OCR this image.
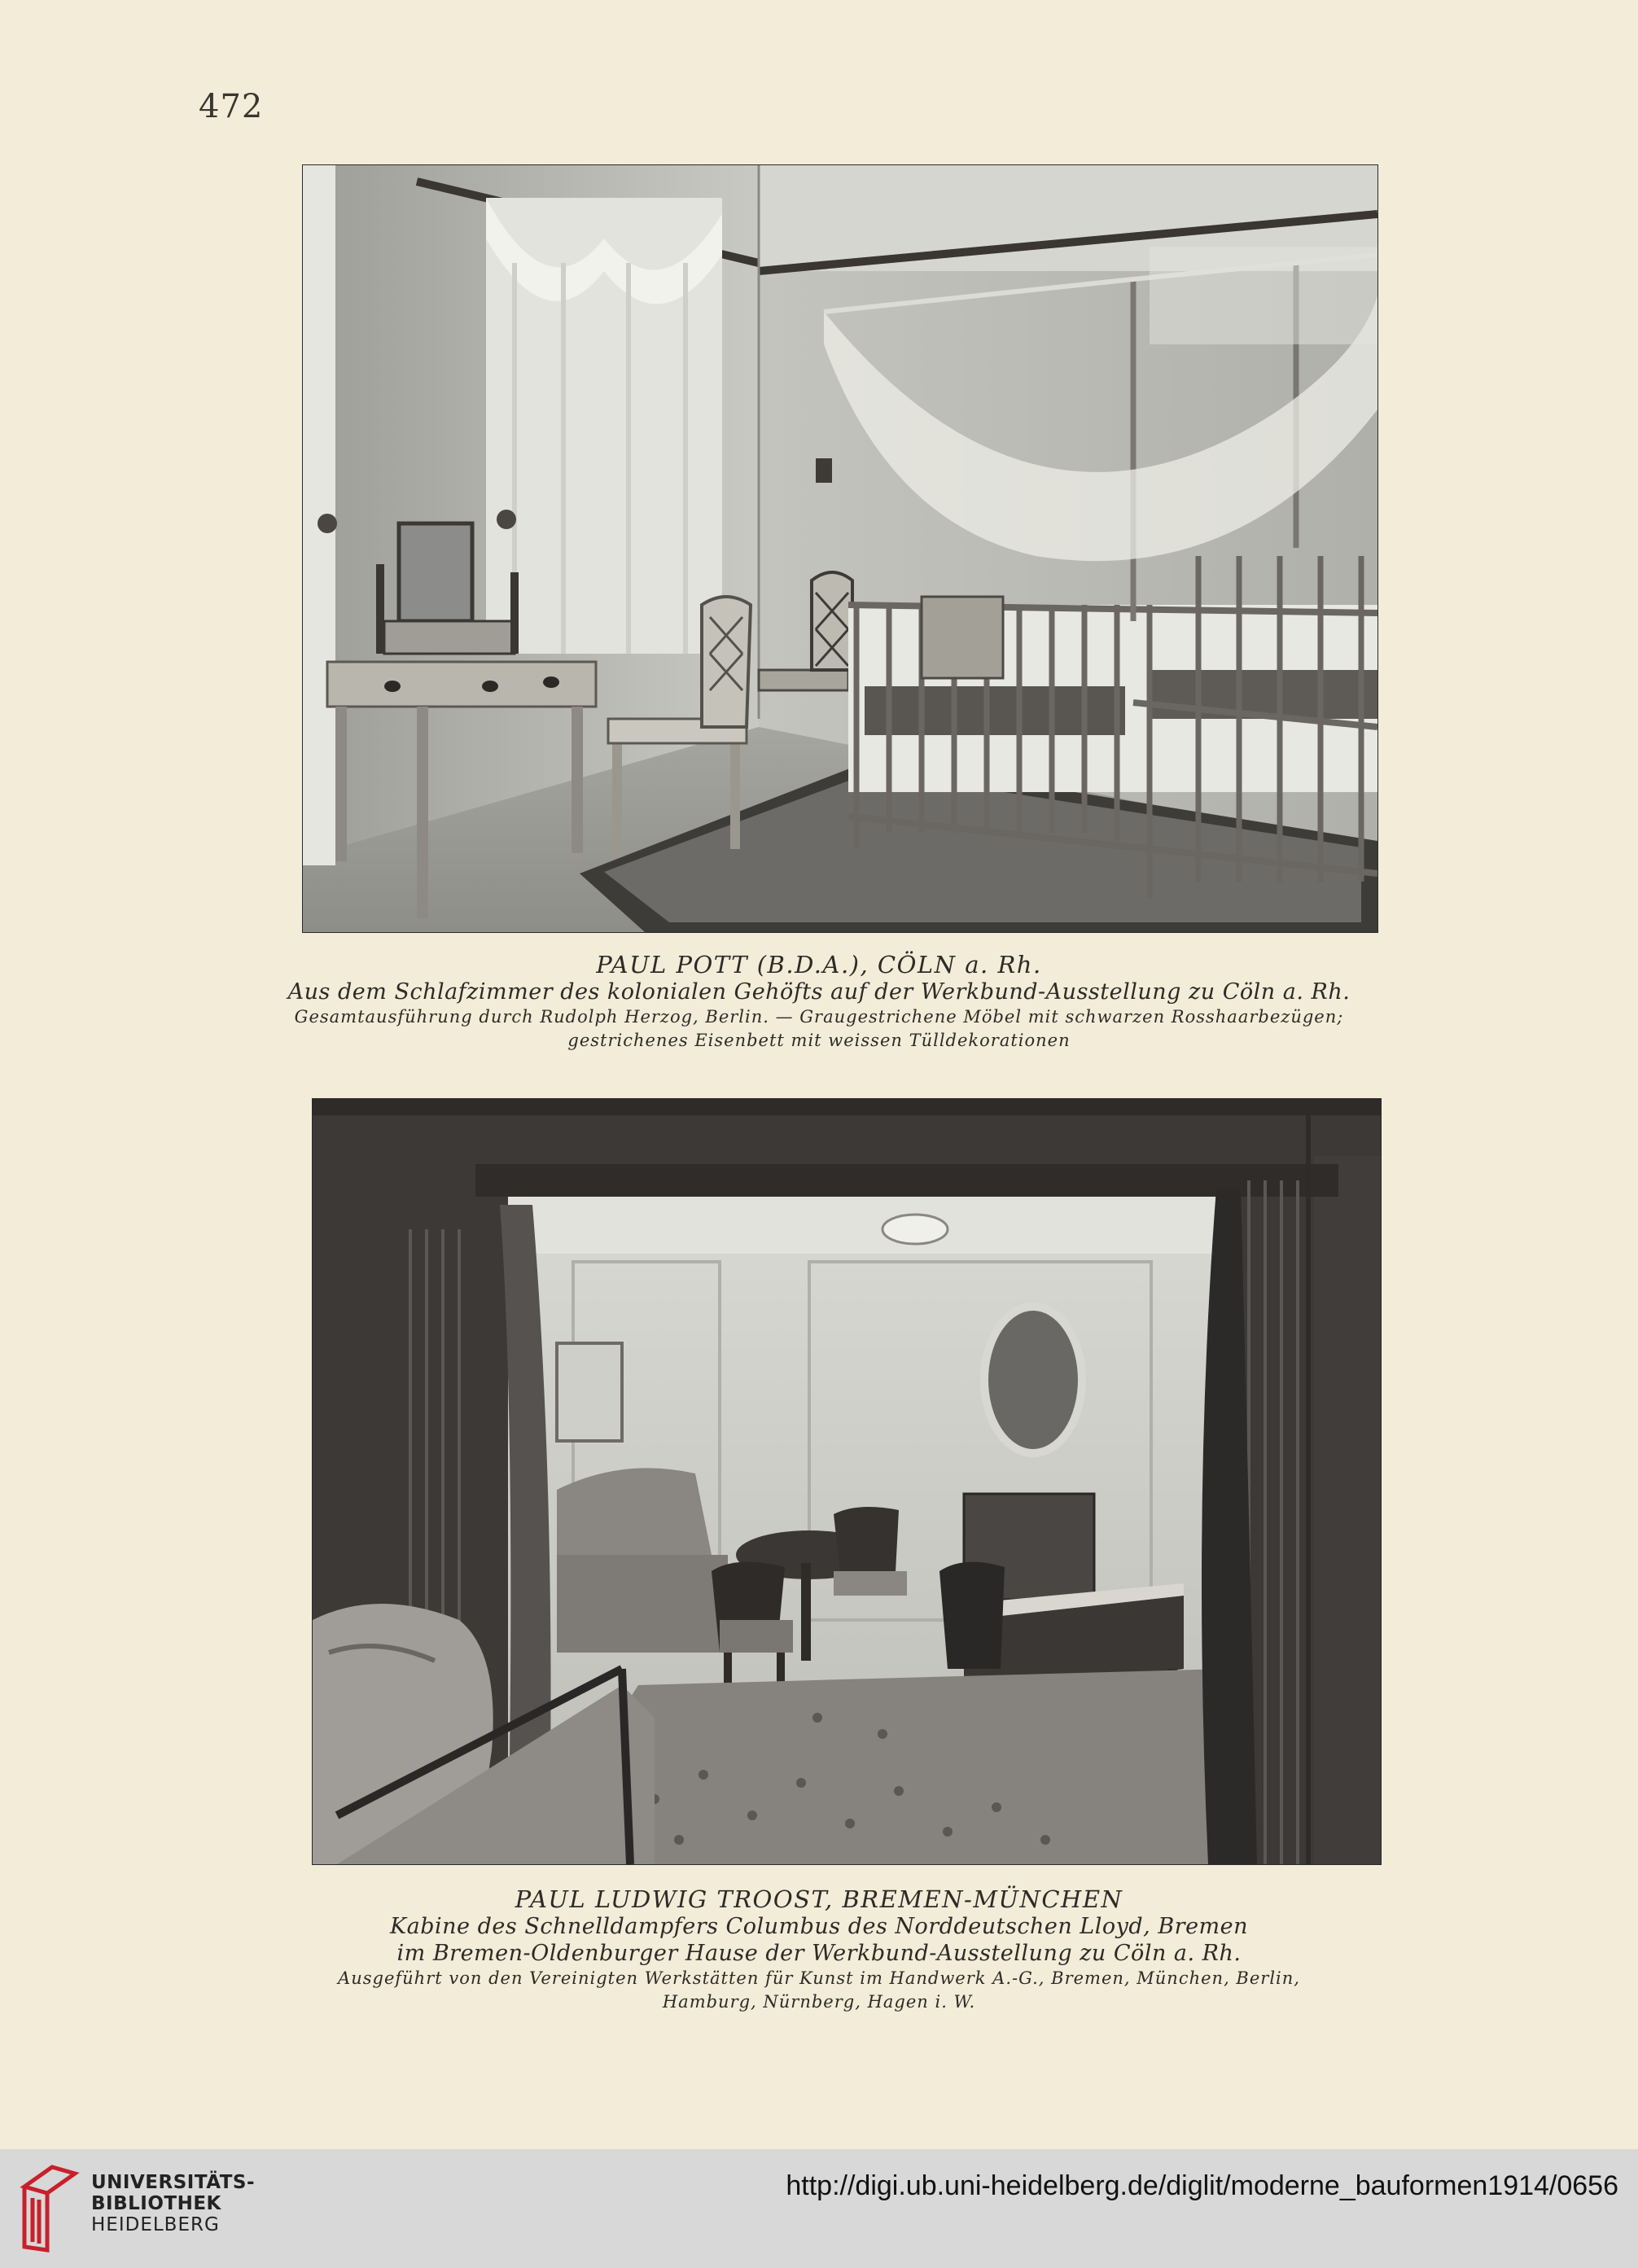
472
PAUL POTT (B.D.A.), CÖLN a. Rh.
Aus dem Schlafzimmer des kolonialen Gehöfts auf der Werkbund-Ausstellung zu Cöln a. Rh.
Gesamtausführung durch Rudolph Herzog, Berlin. — Graugestrichene Möbel mit schwarzen Rosshaarbezügen;
gestrichenes Eisenbett mit weissen Tülldekorationen
PAUL LUDWIG TROOST, BREMEN-MÜNCHEN
Kabine des Schnelldampfers Columbus des Norddeutschen Lloyd, Bremen
im Bremen-Oldenburger Hause der Werkbund-Ausstellung zu Cöln a. Rh.
Ausgeführt von den Vereinigten Werkstätten für Kunst im Handwerk A.-G., Bremen, München, Berlin,
Hamburg, Nürnberg, Hagen i. W.
UNIVERSITÄTS-
BIBLIOTHEK
HEIDELBERG
http://digi.ub.uni-heidelberg.de/diglit/moderne_bauformen1914/0656
